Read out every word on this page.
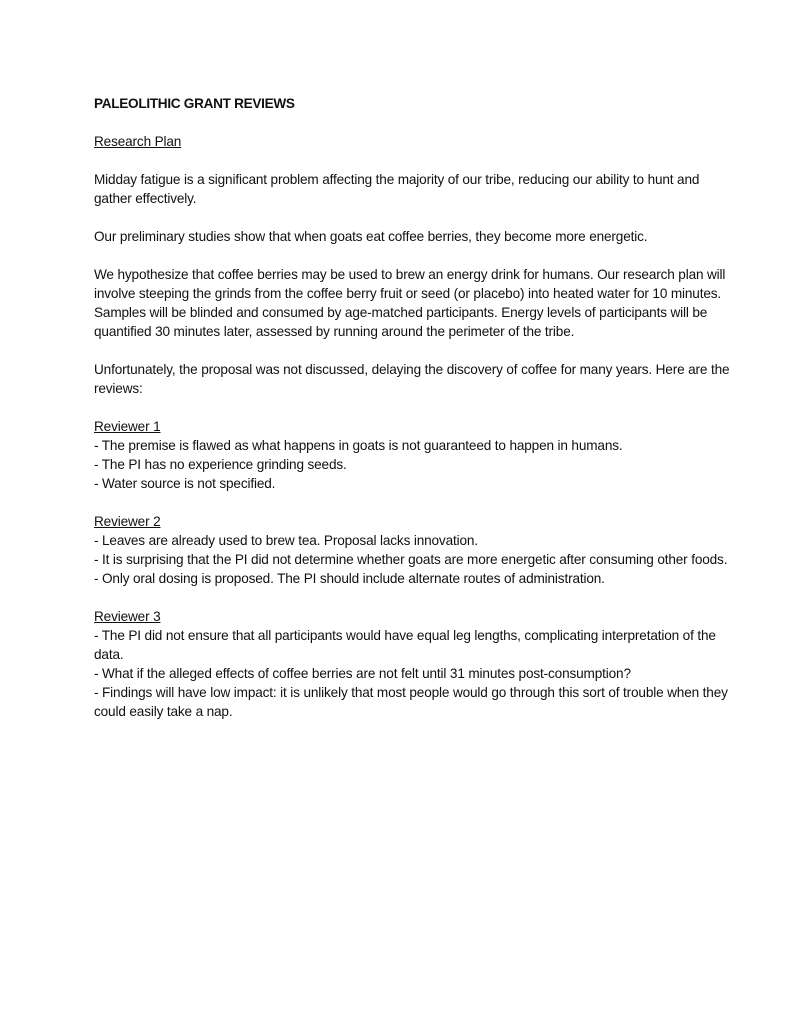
PALEOLITHIC GRANT REVIEWS

Research Plan

Midday fatigue is a significant problem affecting the majority of our tribe, reducing our ability to hunt and gather effectively.

Our preliminary studies show that when goats eat coffee berries, they become more energetic.

We hypothesize that coffee berries may be used to brew an energy drink for humans. Our research plan will involve steeping the grinds from the coffee berry fruit or seed (or placebo) into heated water for 10 minutes. Samples will be blinded and consumed by age-matched participants. Energy levels of participants will be quantified 30 minutes later, assessed by running around the perimeter of the tribe.

Unfortunately, the proposal was not discussed, delaying the discovery of coffee for many years. Here are the reviews:

Reviewer 1

- The premise is flawed as what happens in goats is not guaranteed to happen in humans.
- The PI has no experience grinding seeds.
- Water source is not specified.

Reviewer 2

- Leaves are already used to brew tea. Proposal lacks innovation.
- It is surprising that the PI did not determine whether goats are more energetic after consuming other foods.
- Only oral dosing is proposed. The PI should include alternate routes of administration.

Reviewer 3

- The PI did not ensure that all participants would have equal leg lengths, complicating interpretation of the data.
- What if the alleged effects of coffee berries are not felt until 31 minutes post-consumption?
- Findings will have low impact: it is unlikely that most people would go through this sort of trouble when they could easily take a nap.
